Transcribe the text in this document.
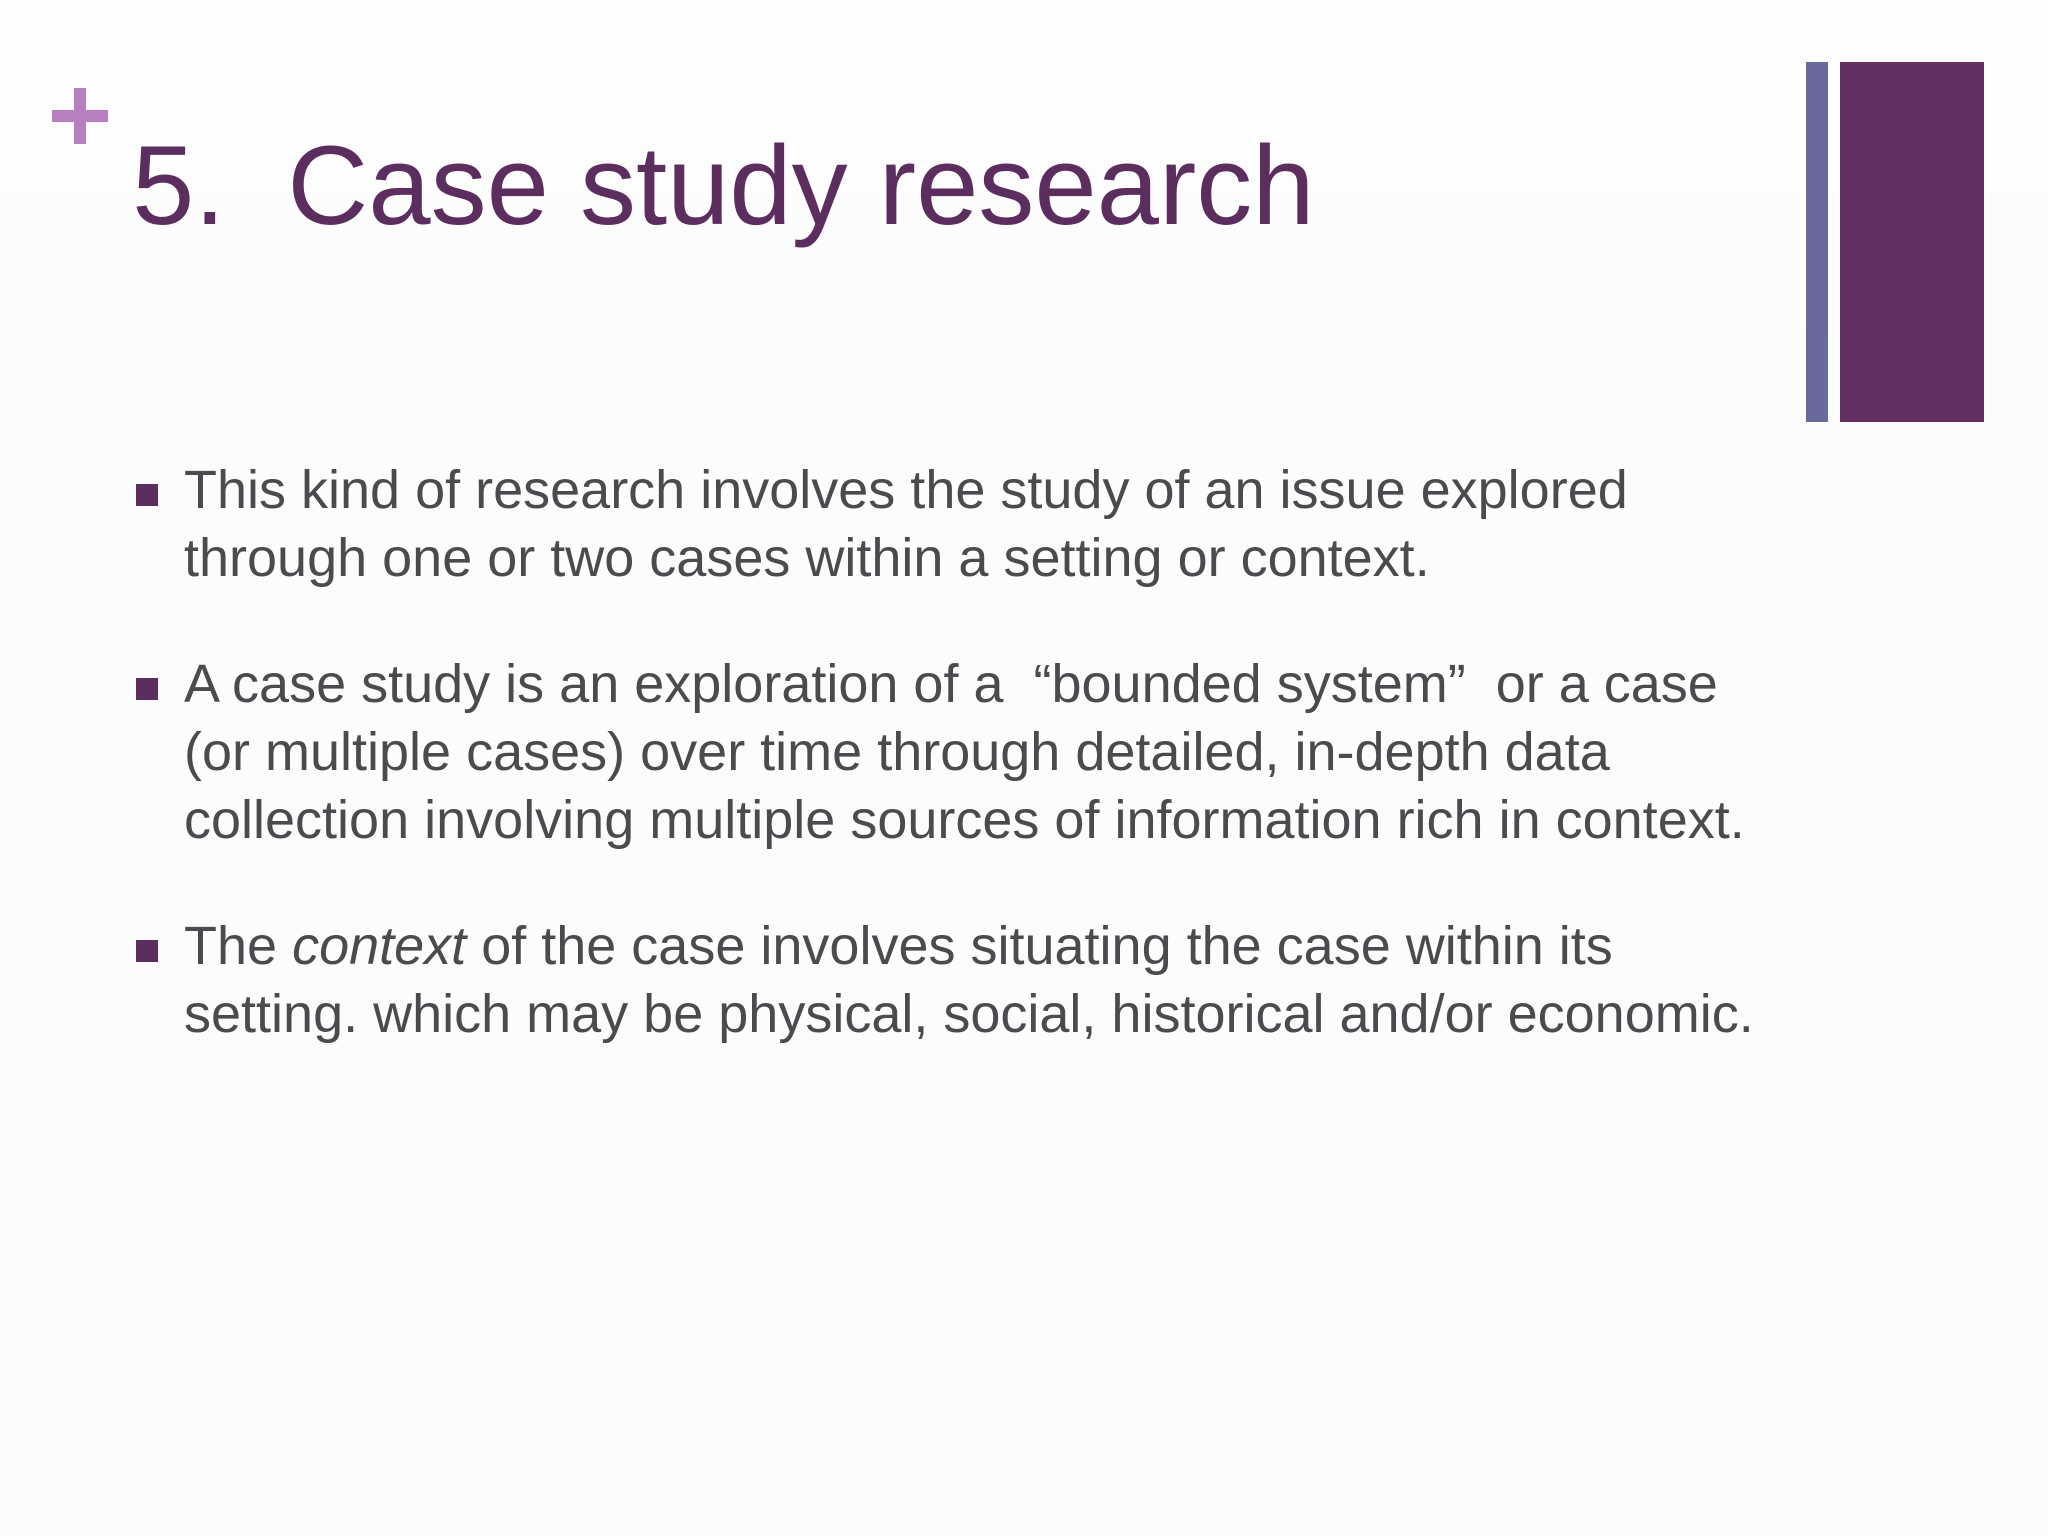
5. Case study research
This kind of research involves the study of an issue explored through one or two cases within a setting or context.
A case study is an exploration of a “bounded system” or a case (or multiple cases) over time through detailed, in-depth data collection involving multiple sources of information rich in context.
The context of the case involves situating the case within its setting. which may be physical, social, historical and/or economic.
